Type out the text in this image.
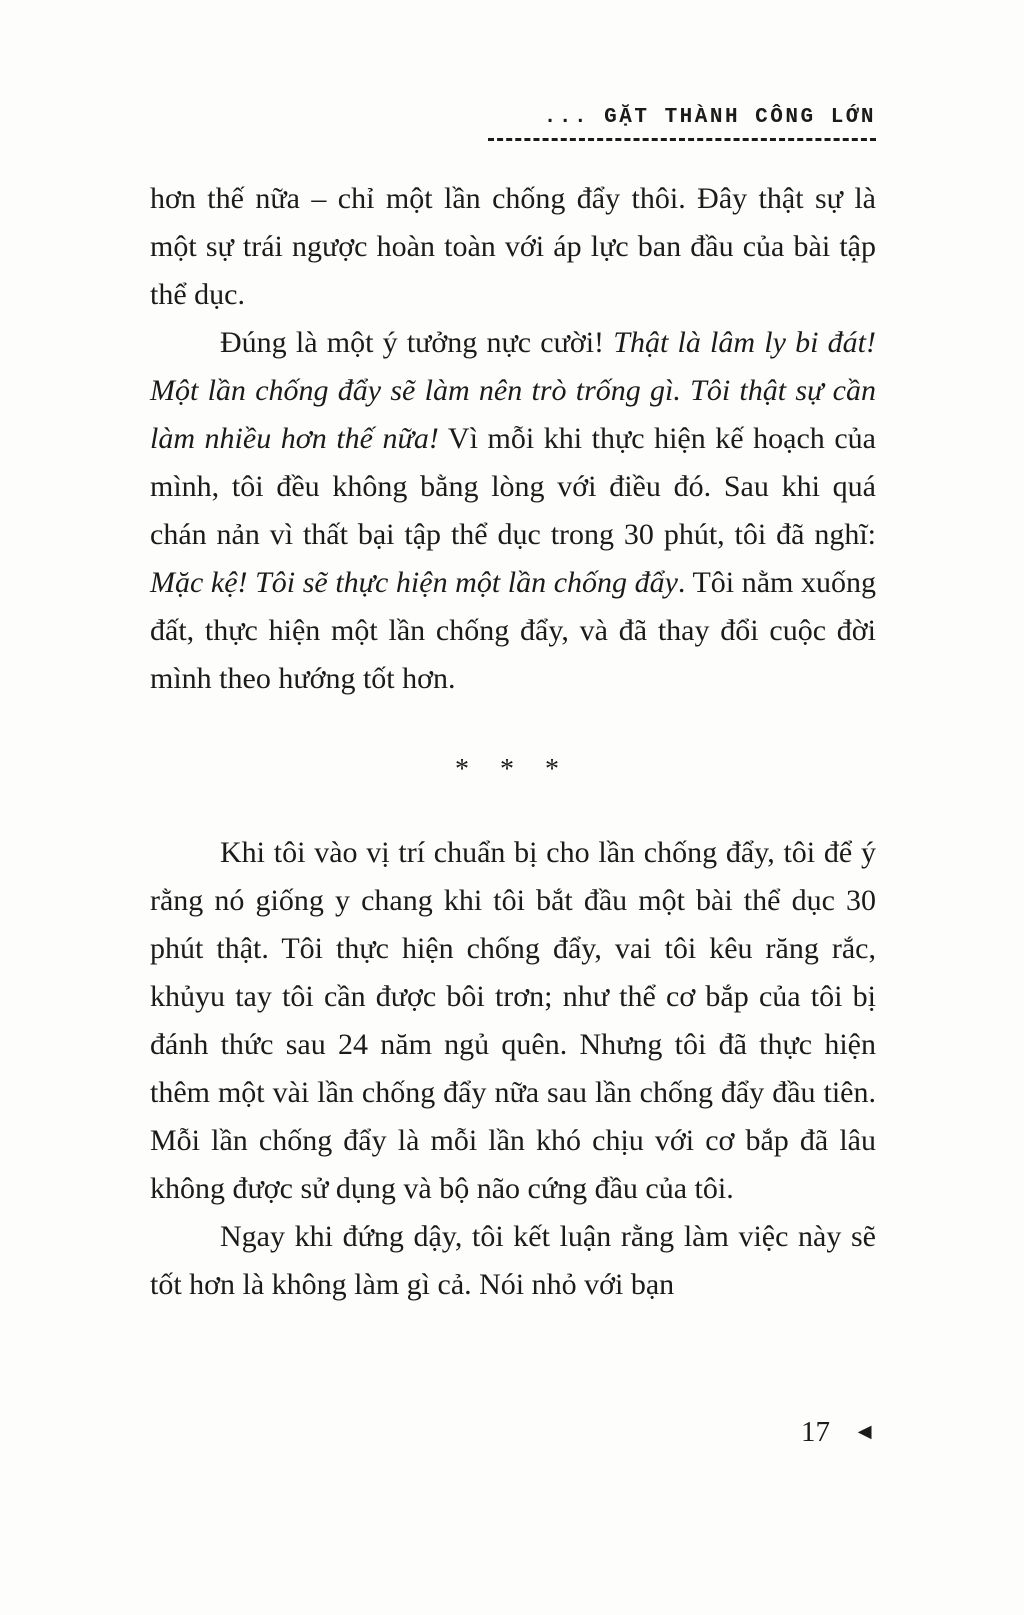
... GẶT THÀNH CÔNG LỚN

hơn thế nữa – chỉ một lần chống đẩy thôi. Đây thật sự là một sự trái ngược hoàn toàn với áp lực ban đầu của bài tập thể dục.

Đúng là một ý tưởng nực cười! Thật là lâm ly bi đát! Một lần chống đẩy sẽ làm nên trò trống gì. Tôi thật sự cần làm nhiều hơn thế nữa! Vì mỗi khi thực hiện kế hoạch của mình, tôi đều không bằng lòng với điều đó. Sau khi quá chán nản vì thất bại tập thể dục trong 30 phút, tôi đã nghĩ: Mặc kệ! Tôi sẽ thực hiện một lần chống đẩy. Tôi nằm xuống đất, thực hiện một lần chống đẩy, và đã thay đổi cuộc đời mình theo hướng tốt hơn.

* * *

Khi tôi vào vị trí chuẩn bị cho lần chống đẩy, tôi để ý rằng nó giống y chang khi tôi bắt đầu một bài thể dục 30 phút thật. Tôi thực hiện chống đẩy, vai tôi kêu răng rắc, khủyu tay tôi cần được bôi trơn; như thể cơ bắp của tôi bị đánh thức sau 24 năm ngủ quên. Nhưng tôi đã thực hiện thêm một vài lần chống đẩy nữa sau lần chống đẩy đầu tiên. Mỗi lần chống đẩy là mỗi lần khó chịu với cơ bắp đã lâu không được sử dụng và bộ não cứng đầu của tôi.

Ngay khi đứng dậy, tôi kết luận rằng làm việc này sẽ tốt hơn là không làm gì cả. Nói nhỏ với bạn

17 ◄
